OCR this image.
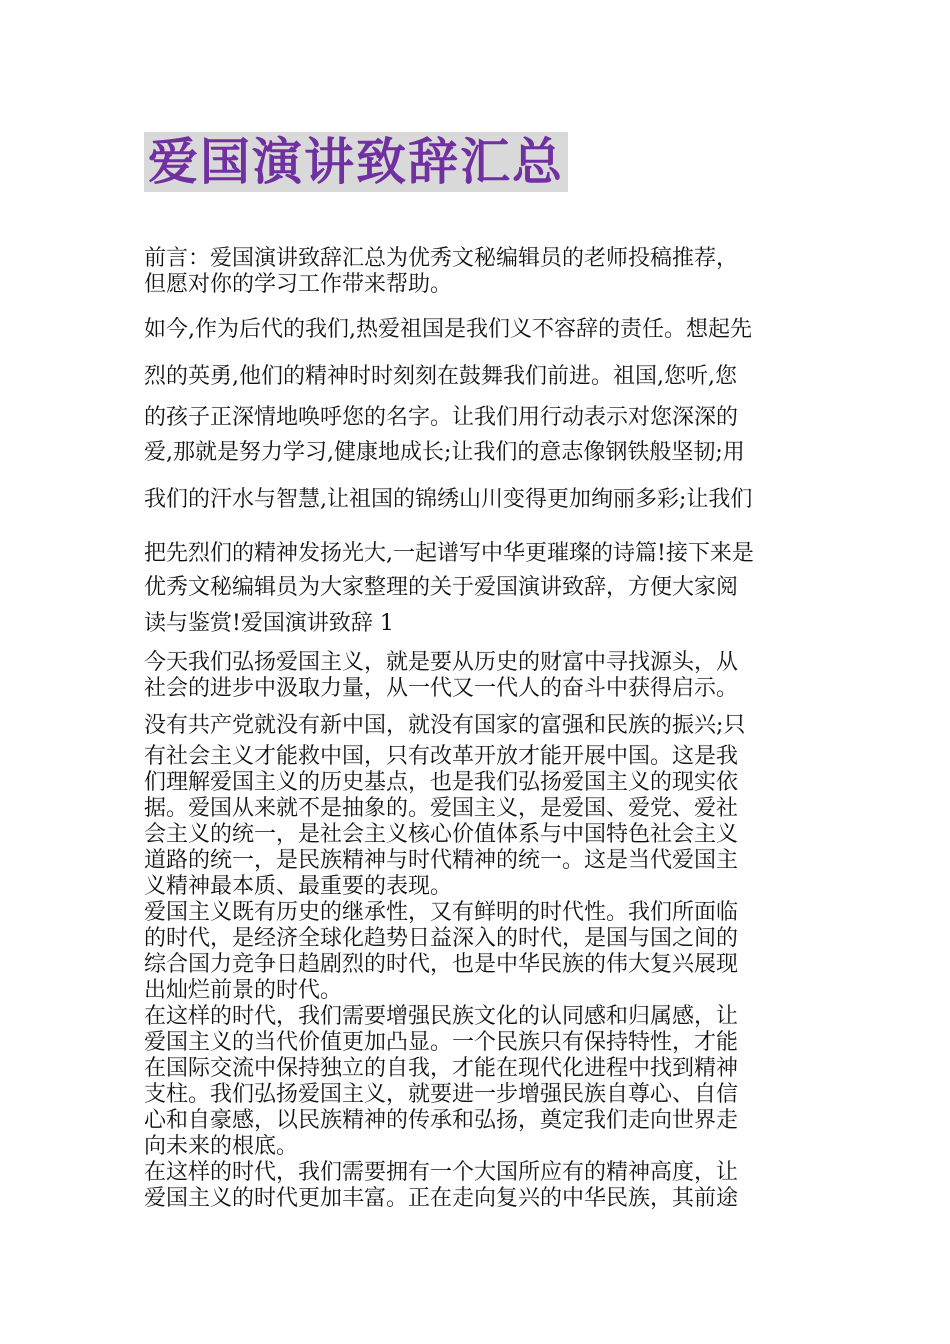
爱国演讲致辞汇总
前言：爱国演讲致辞汇总为优秀文秘编辑员的老师投稿推荐，
但愿对你的学习工作带来帮助。

如今,作为后代的我们,热爱祖国是我们义不容辞的责任。想起先

烈的英勇,他们的精神时时刻刻在鼓舞我们前进。祖国,您听,您

的孩子正深情地唤呼您的名字。让我们用行动表示对您深深的

爱,那就是努力学习,健康地成长;让我们的意志像钢铁般坚韧;用

我们的汗水与智慧,让祖国的锦绣山川变得更加绚丽多彩;让我们

把先烈们的精神发扬光大,一起谱写中华更璀璨的诗篇!接下来是

优秀文秘编辑员为大家整理的关于爱国演讲致辞，方便大家阅

读与鉴赏!爱国演讲致辞 1

今天我们弘扬爱国主义，就是要从历史的财富中寻找源头，从
社会的进步中汲取力量，从一代又一代人的奋斗中获得启示。

没有共产党就没有新中国，就没有国家的富强和民族的振兴;只

有社会主义才能救中国，只有改革开放才能开展中国。这是我
们理解爱国主义的历史基点，也是我们弘扬爱国主义的现实依
据。爱国从来就不是抽象的。爱国主义，是爱国、爱党、爱社
会主义的统一，是社会主义核心价值体系与中国特色社会主义
道路的统一，是民族精神与时代精神的统一。这是当代爱国主
义精神最本质、最重要的表现。
爱国主义既有历史的继承性，又有鲜明的时代性。我们所面临
的时代，是经济全球化趋势日益深入的时代，是国与国之间的
综合国力竞争日趋剧烈的时代，也是中华民族的伟大复兴展现
出灿烂前景的时代。
在这样的时代，我们需要增强民族文化的认同感和归属感，让
爱国主义的当代价值更加凸显。一个民族只有保持特性，才能
在国际交流中保持独立的自我，才能在现代化进程中找到精神
支柱。我们弘扬爱国主义，就要进一步增强民族自尊心、自信
心和自豪感，以民族精神的传承和弘扬，奠定我们走向世界走
向未来的根底。
在这样的时代，我们需要拥有一个大国所应有的精神高度，让
爱国主义的时代更加丰富。正在走向复兴的中华民族，其前途
